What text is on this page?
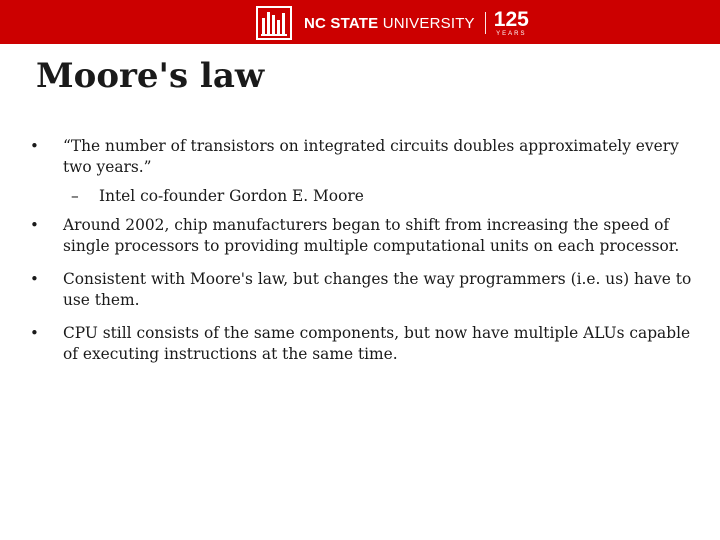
NC STATE UNIVERSITY 125
YEARS
Moore's law
• “The number of transistors on integrated circuits doubles approximately every two years.”
– Intel co-founder Gordon E. Moore
• Around 2002, chip manufacturers began to shift from increasing the speed of single processors to providing multiple computational units on each processor.
• Consistent with Moore's law, but changes the way programmers (i.e. us) have to use them.
• CPU still consists of the same components, but now have multiple ALUs capable of executing instructions at the same time.
